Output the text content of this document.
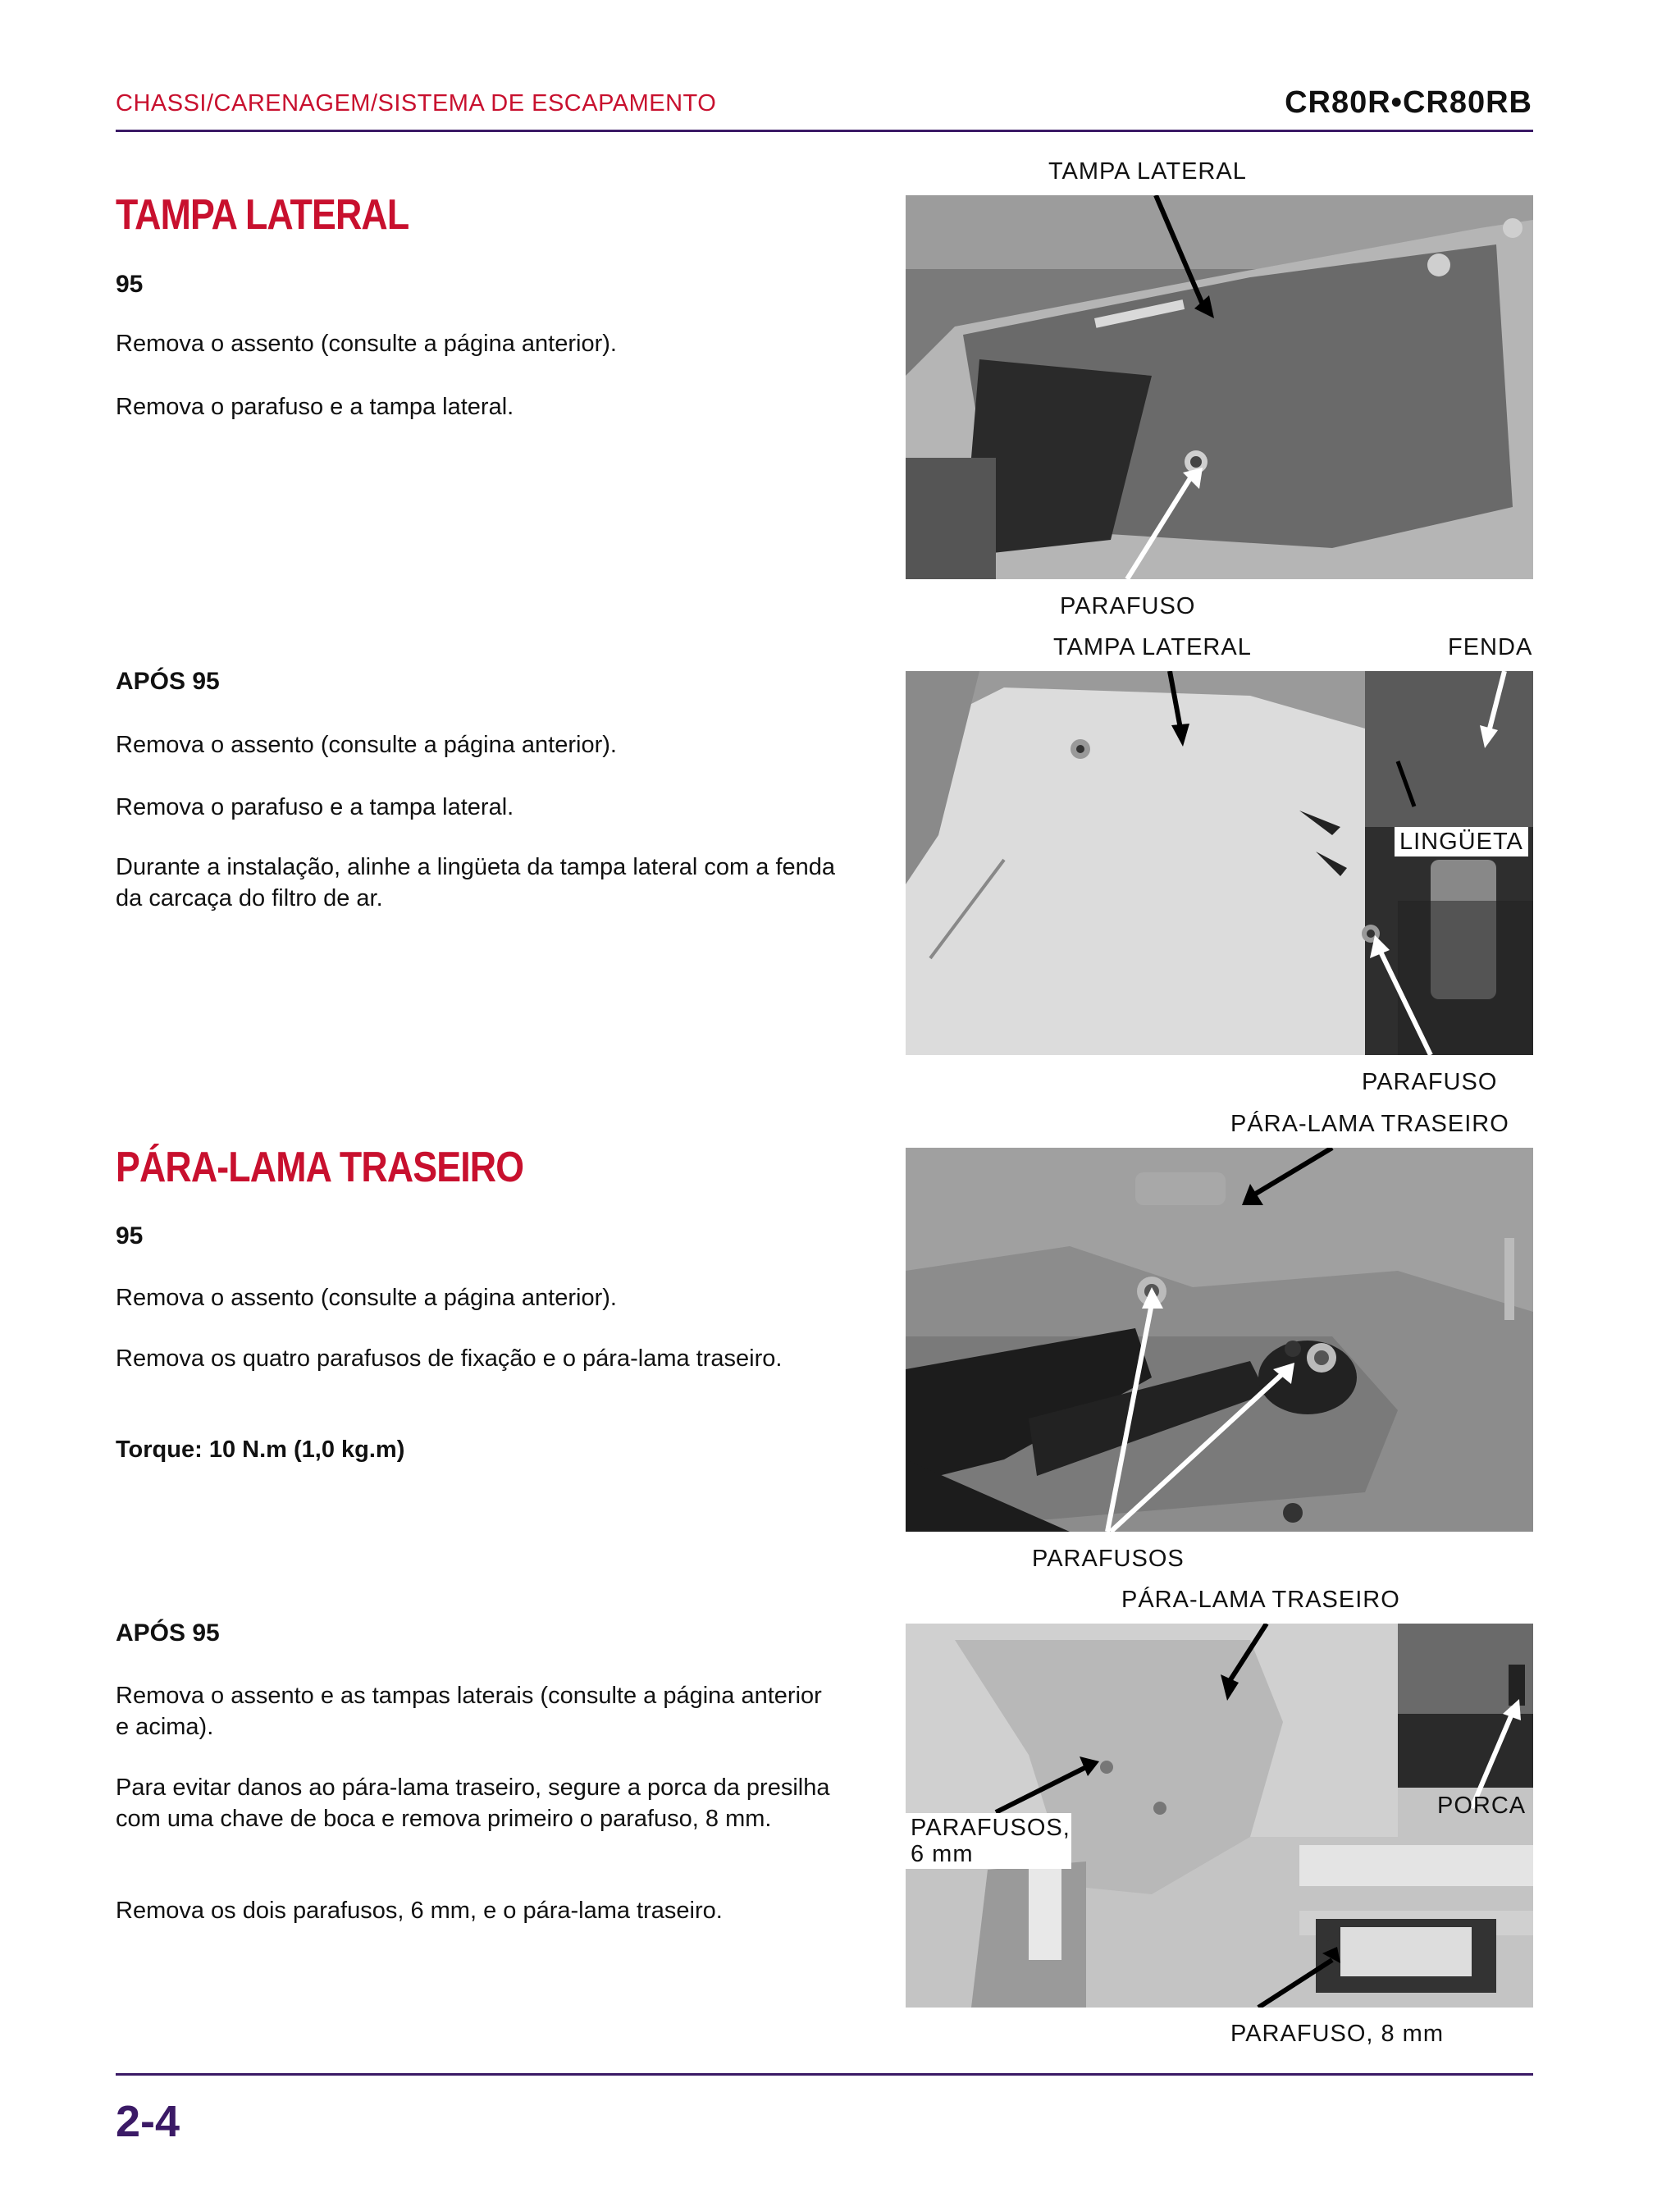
CHASSI/CARENAGEM/SISTEMA DE ESCAPAMENTO	CR80R•CR80RB
TAMPA LATERAL
95
Remova o assento (consulte a página anterior).
Remova o parafuso e a tampa lateral.
APÓS 95
Remova o assento (consulte a página anterior).
Remova o parafuso e a tampa lateral.
Durante a instalação, alinhe a lingüeta da tampa lateral com a fenda da carcaça do filtro de ar.
PÁRA-LAMA TRASEIRO
95
Remova o assento (consulte a página anterior).
Remova os quatro parafusos de fixação e o pára-lama traseiro.
Torque: 10 N.m (1,0 kg.m)
APÓS 95
Remova o assento e as tampas laterais (consulte a página anterior e acima).
Para evitar danos ao pára-lama traseiro, segure a porca da presilha com uma chave de boca e remova primeiro o parafuso, 8 mm.
Remova os dois parafusos, 6 mm, e o pára-lama traseiro.
TAMPA LATERAL
PARAFUSO
TAMPA LATERAL	FENDA
LINGÜETA
PARAFUSO
PÁRA-LAMA TRASEIRO
PARAFUSOS
PÁRA-LAMA TRASEIRO
PORCA
PARAFUSOS, 6 mm
PARAFUSO, 8 mm
2-4
